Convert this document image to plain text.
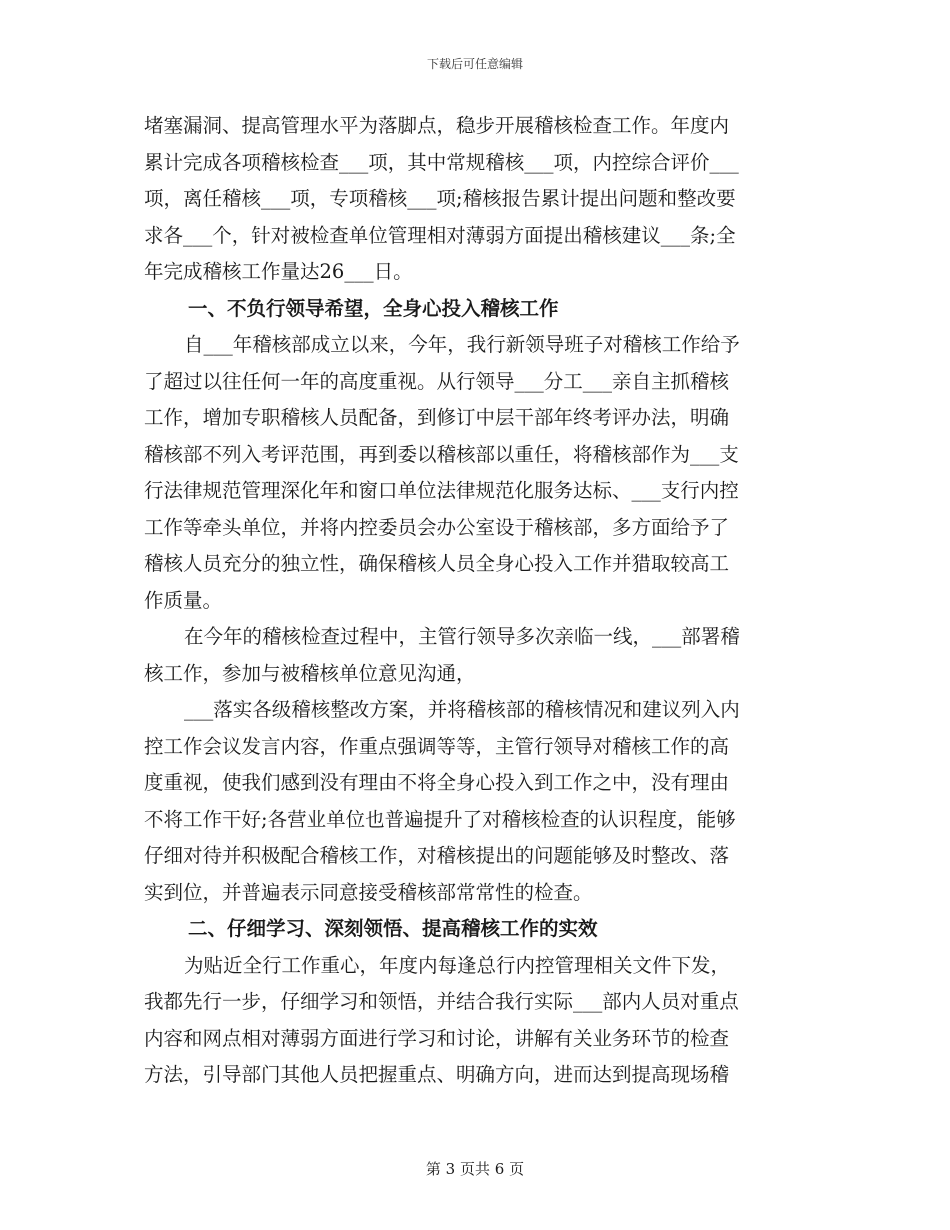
下载后可任意编辑
堵塞漏洞、提高管理水平为落脚点，稳步开展稽核检查工作。年度内
累计完成各项稽核检查___项，其中常规稽核___项，内控综合评价___
项，离任稽核___项，专项稽核___项;稽核报告累计提出问题和整改要
求各___个，针对被检查单位管理相对薄弱方面提出稽核建议___条;全
年完成稽核工作量达26___日。
一、不负行领导希望，全身心投入稽核工作
自___年稽核部成立以来，今年，我行新领导班子对稽核工作给予
了超过以往任何一年的高度重视。从行领导___分工___亲自主抓稽核
工作，增加专职稽核人员配备，到修订中层干部年终考评办法，明确
稽核部不列入考评范围，再到委以稽核部以重任，将稽核部作为___支
行法律规范管理深化年和窗口单位法律规范化服务达标、___支行内控
工作等牵头单位，并将内控委员会办公室设于稽核部，多方面给予了
稽核人员充分的独立性，确保稽核人员全身心投入工作并猎取较高工
作质量。
在今年的稽核检查过程中，主管行领导多次亲临一线，___部署稽
核工作，参加与被稽核单位意见沟通，
___落实各级稽核整改方案，并将稽核部的稽核情况和建议列入内
控工作会议发言内容，作重点强调等等，主管行领导对稽核工作的高
度重视，使我们感到没有理由不将全身心投入到工作之中，没有理由
不将工作干好;各营业单位也普遍提升了对稽核检查的认识程度，能够
仔细对待并积极配合稽核工作，对稽核提出的问题能够及时整改、落
实到位，并普遍表示同意接受稽核部常常性的检查。
二、仔细学习、深刻领悟、提高稽核工作的实效
为贴近全行工作重心，年度内每逢总行内控管理相关文件下发，
我都先行一步，仔细学习和领悟，并结合我行实际___部内人员对重点
内容和网点相对薄弱方面进行学习和讨论，讲解有关业务环节的检查
方法，引导部门其他人员把握重点、明确方向，进而达到提高现场稽
第 3 页共 6 页
